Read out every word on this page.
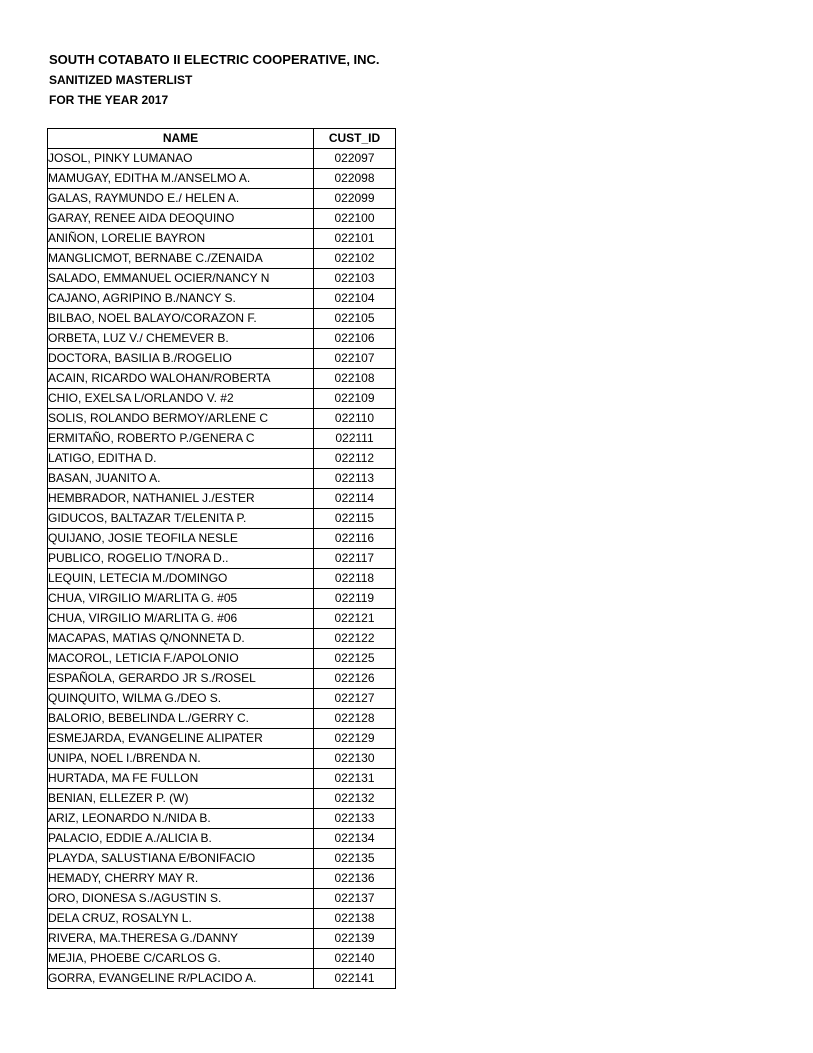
SOUTH COTABATO II ELECTRIC COOPERATIVE, INC.
SANITIZED MASTERLIST
FOR THE YEAR 2017
NAME	CUST_ID
JOSOL, PINKY LUMANAO	022097
MAMUGAY, EDITHA M./ANSELMO A.	022098
GALAS, RAYMUNDO E./ HELEN A.	022099
GARAY, RENEE AIDA DEOQUINO	022100
ANIÑON, LORELIE BAYRON	022101
MANGLICMOT, BERNABE C./ZENAIDA	022102
SALADO, EMMANUEL OCIER/NANCY N	022103
CAJANO, AGRIPINO B./NANCY S.	022104
BILBAO, NOEL BALAYO/CORAZON F.	022105
ORBETA, LUZ V./ CHEMEVER B.	022106
DOCTORA, BASILIA B./ROGELIO	022107
ACAIN, RICARDO WALOHAN/ROBERTA	022108
CHIO, EXELSA L/ORLANDO V. #2	022109
SOLIS, ROLANDO BERMOY/ARLENE C	022110
ERMITAÑO, ROBERTO P./GENERA C	022111
LATIGO, EDITHA D.	022112
BASAN, JUANITO A.	022113
HEMBRADOR, NATHANIEL J./ESTER	022114
GIDUCOS, BALTAZAR T/ELENITA P.	022115
QUIJANO, JOSIE TEOFILA NESLE	022116
PUBLICO, ROGELIO T/NORA D..	022117
LEQUIN, LETECIA M./DOMINGO	022118
CHUA, VIRGILIO M/ARLITA G. #05	022119
CHUA, VIRGILIO M/ARLITA G. #06	022121
MACAPAS, MATIAS Q/NONNETA D.	022122
MACOROL, LETICIA F./APOLONIO	022125
ESPAÑOLA, GERARDO JR S./ROSEL	022126
QUINQUITO, WILMA G./DEO S.	022127
BALORIO, BEBELINDA L./GERRY C.	022128
ESMEJARDA, EVANGELINE ALIPATER	022129
UNIPA, NOEL I./BRENDA N.	022130
HURTADA, MA FE FULLON	022131
BENIAN, ELLEZER P. (W)	022132
ARIZ, LEONARDO N./NIDA B.	022133
PALACIO, EDDIE A./ALICIA B.	022134
PLAYDA, SALUSTIANA E/BONIFACIO	022135
HEMADY, CHERRY MAY R.	022136
ORO, DIONESA S./AGUSTIN S.	022137
DELA CRUZ, ROSALYN L.	022138
RIVERA, MA.THERESA G./DANNY	022139
MEJIA, PHOEBE C/CARLOS G.	022140
GORRA, EVANGELINE R/PLACIDO A.	022141
